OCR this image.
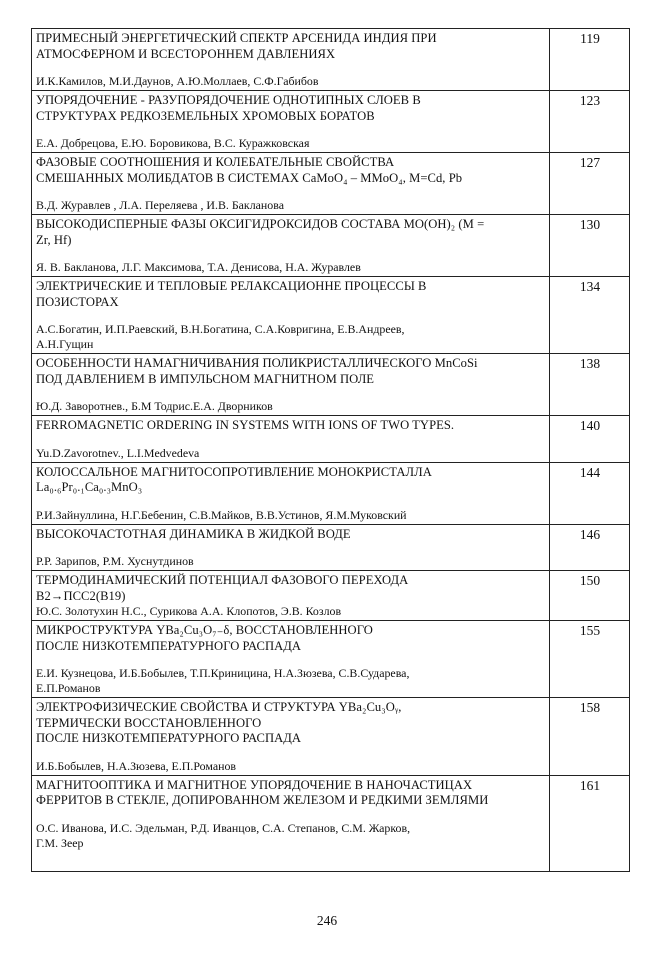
ПРИМЕСНЫЙ ЭНЕРГЕТИЧЕСКИЙ СПЕКТР АРСЕНИДА ИНДИЯ ПРИ
АТМОСФЕРНОМ И ВСЕСТОРОННЕМ ДАВЛЕНИЯХ
И.К.Камилов, М.И.Даунов, А.Ю.Моллаев, С.Ф.Габибов	119

УПОРЯДОЧЕНИЕ - РАЗУПОРЯДОЧЕНИЕ ОДНОТИПНЫХ СЛОЕВ В
СТРУКТУРАХ РЕДКОЗЕМЕЛЬНЫХ ХРОМОВЫХ БОРАТОВ
Е.А. Добрецова, Е.Ю. Боровикова, В.С. Куражковская	123

ФАЗОВЫЕ СООТНОШЕНИЯ И КОЛЕБАТЕЛЬНЫЕ СВОЙСТВА
СМЕШАННЫХ МОЛИБДАТОВ В СИСТЕМАХ CaMoO₄ – MMoO₄, M=Cd, Pb
В.Д. Журавлев , Л.А. Переляева , И.В. Бакланова	127

ВЫСОКОДИСПЕРНЫЕ ФАЗЫ ОКСИГИДРОКСИДОВ СОСТАВА МО(ОН)₂ (М =
Zr, Hf)
Я. В. Бакланова, Л.Г. Максимова, Т.А. Денисова, Н.А. Журавлев	130

ЭЛЕКТРИЧЕСКИЕ И ТЕПЛОВЫЕ РЕЛАКСАЦИОННЕ ПРОЦЕССЫ В
ПОЗИСТОРАХ
А.С.Богатин, И.П.Раевский, В.Н.Богатина, С.А.Ковригина, Е.В.Андреев,
А.Н.Гущин	134

ОСОБЕННОСТИ НАМАГНИЧИВАНИЯ ПОЛИКРИСТАЛЛИЧЕСКОГО MnCoSi
ПОД ДАВЛЕНИЕМ В ИМПУЛЬСНОМ МАГНИТНОМ ПОЛЕ
Ю.Д. Заворотнев., Б.М Тодрис.Е.А. Дворников	138

FERROMAGNETIC ORDERING IN SYSTEMS WITH IONS OF TWO TYPES.
Yu.D.Zavorotnev., L.I.Medvedeva	140

КОЛОССАЛЬНОЕ МАГНИТОСОПРОТИВЛЕНИЕ МОНОКРИСТАЛЛА
La₀.₆Pr₀.₁Ca₀.₃MnO₃
Р.И.Зайнуллина, Н.Г.Бебенин, С.В.Майков, В.В.Устинов, Я.М.Муковский	144

ВЫСОКОЧАСТОТНАЯ ДИНАМИКА В ЖИДКОЙ ВОДЕ
Р.Р. Зарипов, Р.М. Хуснутдинов	146

ТЕРМОДИНАМИЧЕСКИЙ ПОТЕНЦИАЛ ФАЗОВОГО ПЕРЕХОДА
B2→ПСС2(B19)
Ю.С. Золотухин Н.С., Сурикова А.А. Клопотов, Э.В. Козлов	150

МИКРОСТРУКТУРА YBa₂Cu₃O₇₋δ, ВОССТАНОВЛЕННОГО
ПОСЛЕ НИЗКОТЕМПЕРАТУРНОГО РАСПАДА
Е.И. Кузнецова, И.Б.Бобылев, Т.П.Криницина, Н.А.Зюзева, С.В.Сударева,
Е.П.Романов	155

ЭЛЕКТРОФИЗИЧЕСКИЕ СВОЙСТВА И СТРУКТУРА YBa₂Cu₃Oᵧ,
ТЕРМИЧЕСКИ ВОССТАНОВЛЕННОГО
ПОСЛЕ НИЗКОТЕМПЕРАТУРНОГО РАСПАДА
И.Б.Бобылев, Н.А.Зюзева, Е.П.Романов	158

МАГНИТООПТИКА И МАГНИТНОЕ УПОРЯДОЧЕНИЕ В НАНОЧАСТИЦАХ
ФЕРРИТОВ В СТЕКЛЕ, ДОПИРОВАННОМ ЖЕЛЕЗОМ И РЕДКИМИ ЗЕМЛЯМИ
О.С. Иванова, И.С. Эдельман, Р.Д. Иванцов, С.А. Степанов, С.М. Жарков,
Г.М. Зеер	161
246
